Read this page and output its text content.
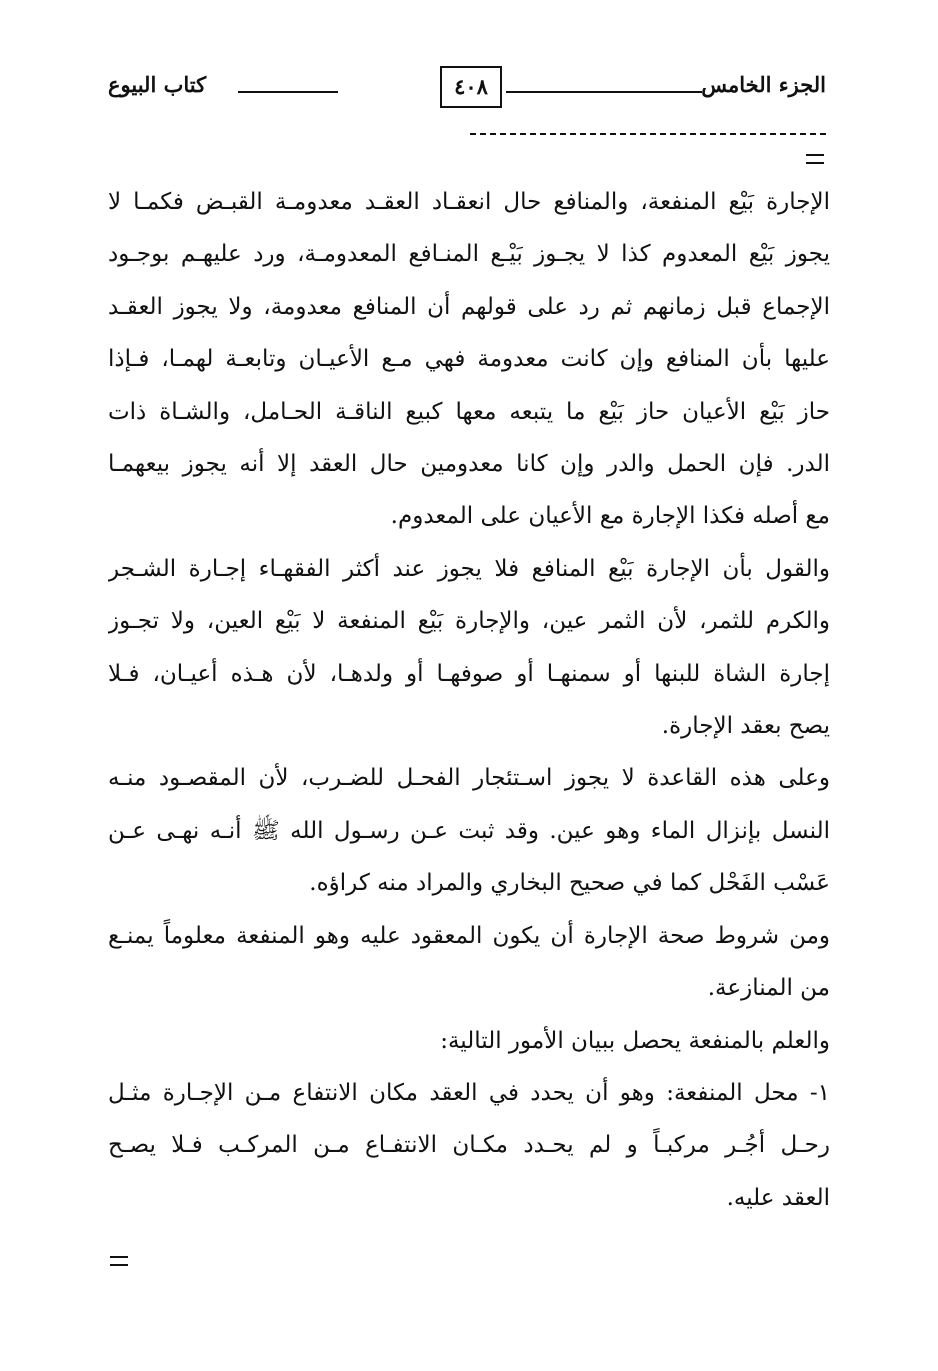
الجزء الخامس
٤٠٨
كتاب البيوع

الإجارة بَيْع المنفعة، والمنافع حال انعقـاد العقـد معدومـة القبـض فكمـا لا
يجوز بَيْع المعدوم كذا لا يجـوز بَيْـع المنـافع المعدومـة، ورد عليهـم بوجـود
الإجماع قبل زمانهم ثم رد على قولهم أن المنافع معدومة، ولا يجوز العقـد
عليها بأن المنافع وإن كانت معدومة فهي مـع الأعيـان وتابعـة لهمـا، فـإذا
حاز بَيْع الأعيان حاز بَيْع ما يتبعه معها كبيع الناقـة الحـامل، والشـاة ذات
الدر. فإن الحمل والدر وإن كانا معدومين حال العقد إلا أنه يجوز بيعهمـا
مع أصله فكذا الإجارة مع الأعيان على المعدوم.

والقول بأن الإجارة بَيْع المنافع فلا يجوز عند أكثر الفقهـاء إجـارة الشـجر
والكرم للثمر، لأن الثمر عين، والإجارة بَيْع المنفعة لا بَيْع العين، ولا تجـوز
إجارة الشاة للبنها أو سمنهـا أو صوفهـا أو ولدهـا، لأن هـذه أعيـان، فـلا
يصح بعقد الإجارة.

وعلى هذه القاعدة لا يجوز اسـتئجار الفحـل للضـرب، لأن المقصـود منـه
النسل بإنزال الماء وهو عين. وقد ثبت عـن رسـول الله ﷺ أنـه نهـى عـن
عَسْب الفَحْل كما في صحيح البخاري والمراد منه كراؤه.

ومن شروط صحة الإجارة أن يكون المعقود عليه وهو المنفعة معلوماً يمنـع
من المنازعة.

والعلم بالمنفعة يحصل ببيان الأمور التالية:

١- محل المنفعة: وهو أن يحدد في العقد مكان الانتفاع مـن الإجـارة مثـل
رحـل أجُـر مركبـاً و لم يحـدد مكـان الانتفـاع مـن المركـب فـلا يصـح
العقد عليه.
